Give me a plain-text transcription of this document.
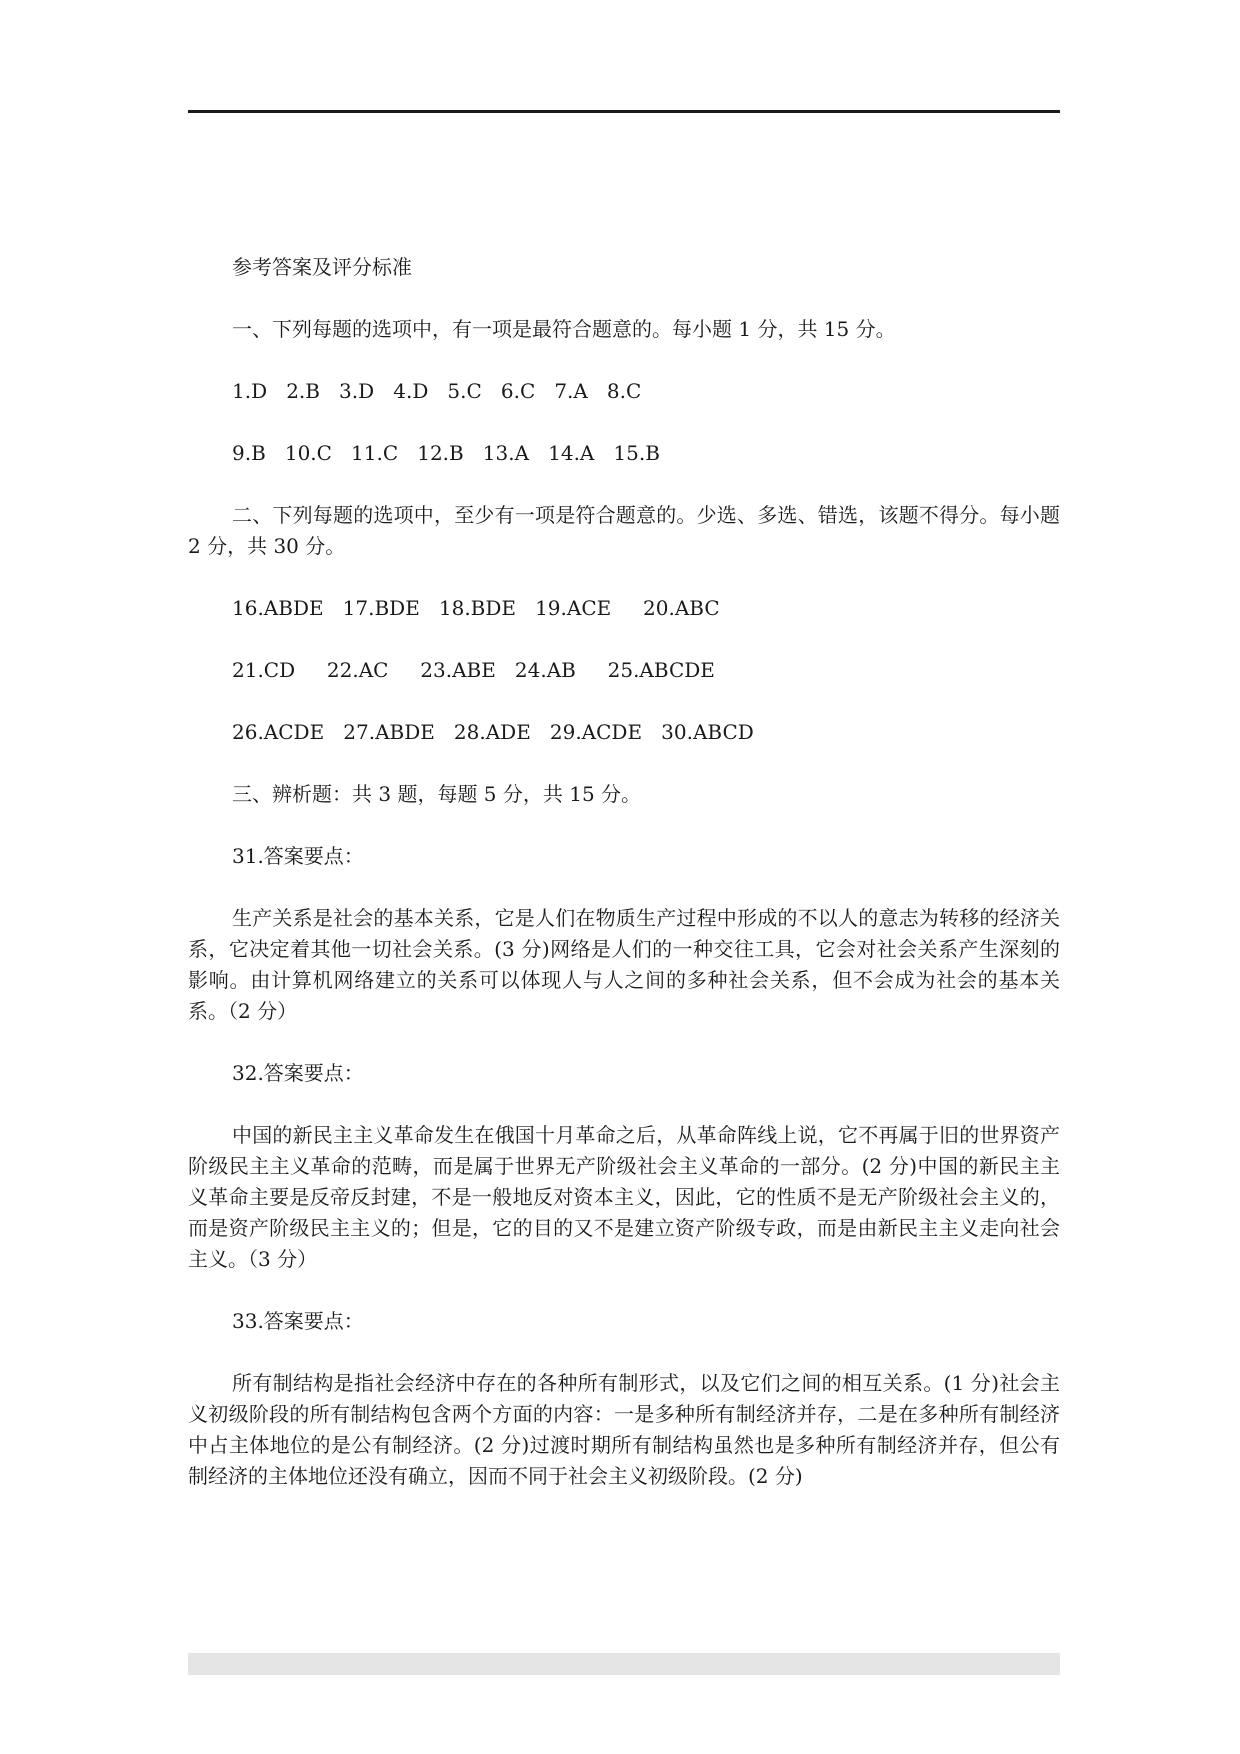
参考答案及评分标准
一、下列每题的选项中，有一项是最符合题意的。每小题 1 分，共 15 分。
1.D   2.B   3.D   4.D   5.C   6.C   7.A   8.C
9.B   10.C   11.C   12.B   13.A   14.A   15.B

二、下列每题的选项中，至少有一项是符合题意的。少选、多选、错选，该题不得分。每小题 2 分，共 30 分。

16.ABDE   17.BDE   18.BDE   19.ACE     20.ABC
21.CD     22.AC     23.ABE   24.AB     25.ABCDE
26.ACDE   27.ABDE   28.ADE   29.ACDE   30.ABCD
三、辨析题：共 3 题，每题 5 分，共 15 分。
31.答案要点：

生产关系是社会的基本关系，它是人们在物质生产过程中形成的不以人的意志为转移的经济关系，它决定着其他一切社会关系。(3 分)网络是人们的一种交往工具，它会对社会关系产生深刻的影响。由计算机网络建立的关系可以体现人与人之间的多种社会关系，但不会成为社会的基本关系。（2 分）

32.答案要点：

中国的新民主主义革命发生在俄国十月革命之后，从革命阵线上说，它不再属于旧的世界资产阶级民主主义革命的范畴，而是属于世界无产阶级社会主义革命的一部分。(2 分)中国的新民主主义革命主要是反帝反封建，不是一般地反对资本主义，因此，它的性质不是无产阶级社会主义的，而是资产阶级民主主义的；但是，它的目的又不是建立资产阶级专政，而是由新民主主义走向社会主义。（3 分）

33.答案要点：

所有制结构是指社会经济中存在的各种所有制形式，以及它们之间的相互关系。(1 分)社会主义初级阶段的所有制结构包含两个方面的内容：一是多种所有制经济并存，二是在多种所有制经济中占主体地位的是公有制经济。(2 分)过渡时期所有制结构虽然也是多种所有制经济并存，但公有制经济的主体地位还没有确立，因而不同于社会主义初级阶段。(2 分)
